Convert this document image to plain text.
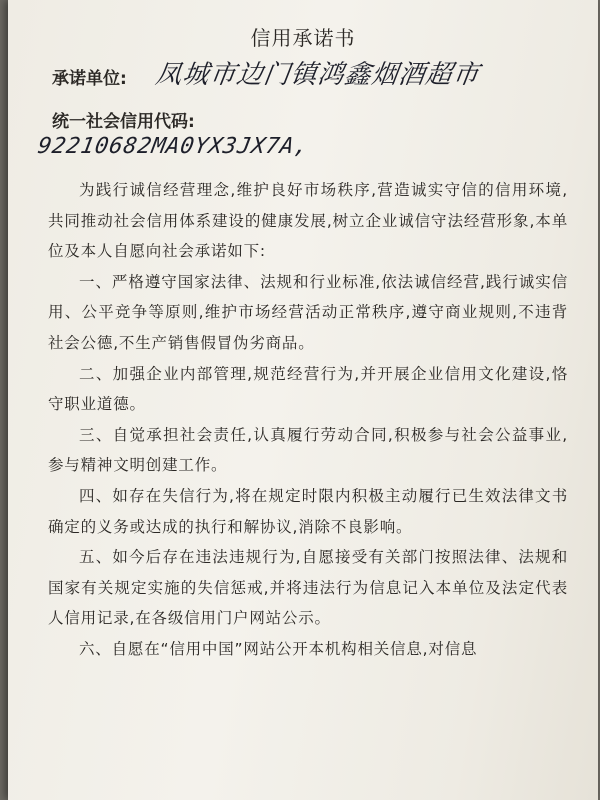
信用承诺书
承诺单位: 凤城市边门镇鸿鑫烟酒超市
统一社会信用代码:
92210682MA0YX3JX7A,

为践行诚信经营理念,维护良好市场秩序,营造诚实守信的信用环境,共同推动社会信用体系建设的健康发展,树立企业诚信守法经营形象,本单位及本人自愿向社会承诺如下:

一、严格遵守国家法律、法规和行业标准,依法诚信经营,践行诚实信用、公平竞争等原则,维护市场经营活动正常秩序,遵守商业规则,不违背社会公德,不生产销售假冒伪劣商品。

二、加强企业内部管理,规范经营行为,并开展企业信用文化建设,恪守职业道德。

三、自觉承担社会责任,认真履行劳动合同,积极参与社会公益事业,参与精神文明创建工作。

四、如存在失信行为,将在规定时限内积极主动履行已生效法律文书确定的义务或达成的执行和解协议,消除不良影响。

五、如今后存在违法违规行为,自愿接受有关部门按照法律、法规和国家有关规定实施的失信惩戒,并将违法行为信息记入本单位及法定代表人信用记录,在各级信用门户网站公示。

六、自愿在“信用中国”网站公开本机构相关信息,对信息
